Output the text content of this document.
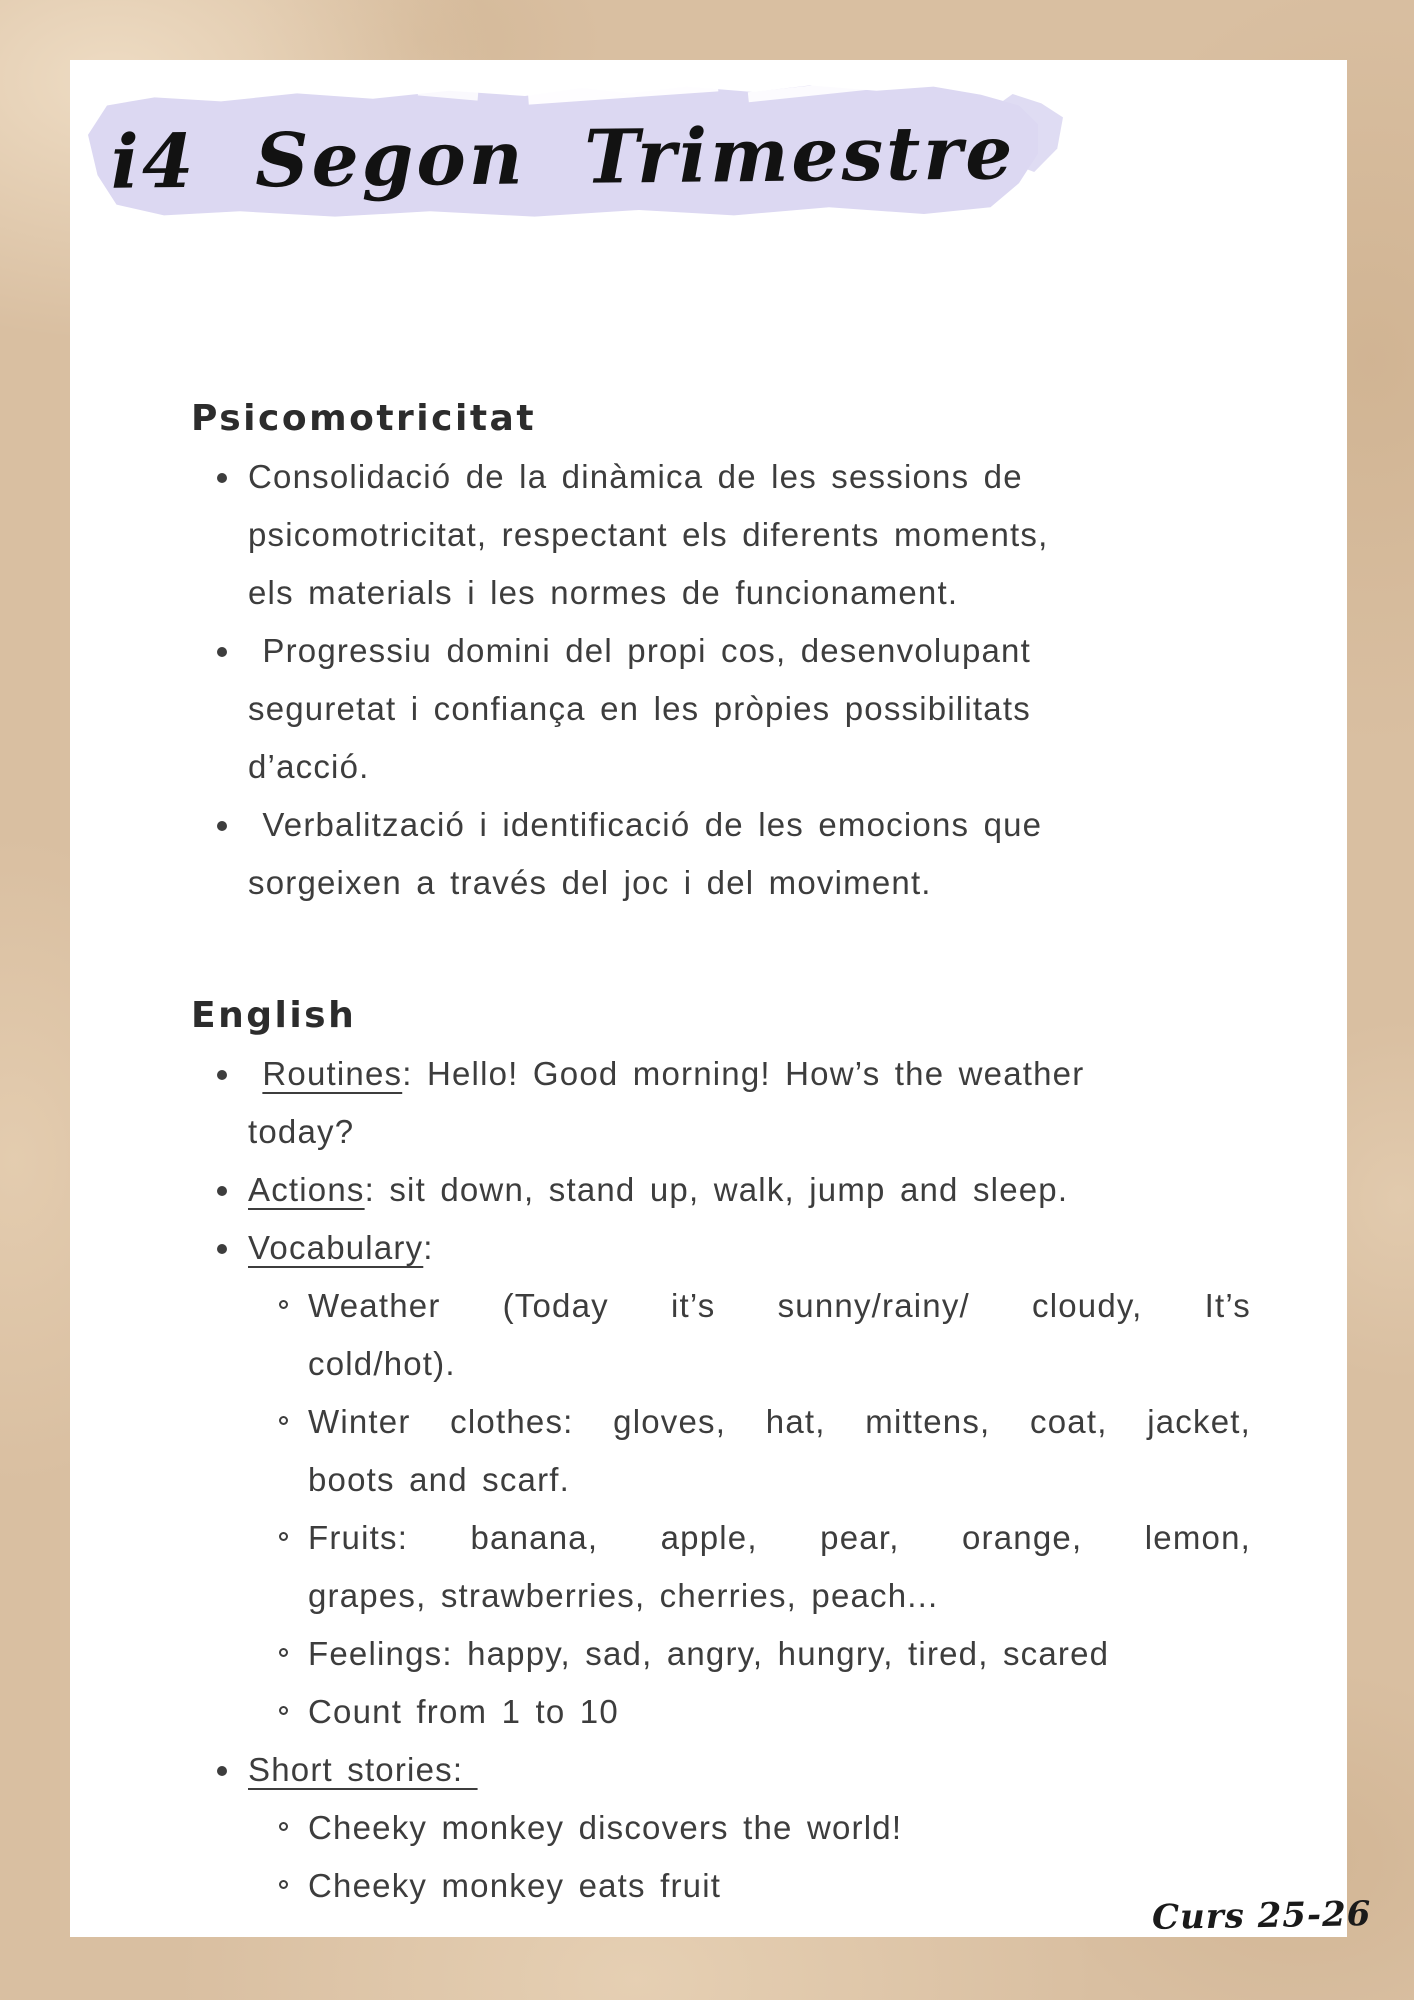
i4 Segon Trimestre
Psicomotricitat
Consolidació de la dinàmica de les sessions de
psicomotricitat, respectant els diferents moments,
els materials i les normes de funcionament.
Progressiu domini del propi cos, desenvolupant
seguretat i confiança en les pròpies possibilitats
d’acció.
Verbalització i identificació de les emocions que
sorgeixen a través del joc i del moviment.
English
Routines: Hello! Good morning! How’s the weather
today?
Actions: sit down, stand up, walk, jump and sleep.
Vocabulary:
Weather (Today it’s sunny/rainy/ cloudy, It’s
cold/hot).
Winter clothes: gloves, hat, mittens, coat, jacket,
boots and scarf.
Fruits: banana, apple, pear, orange, lemon,
grapes, strawberries, cherries, peach...
Feelings: happy, sad, angry, hungry, tired, scared
Count from 1 to 10
Short stories:
Cheeky monkey discovers the world!
Cheeky monkey eats fruit
Curs 25-26
